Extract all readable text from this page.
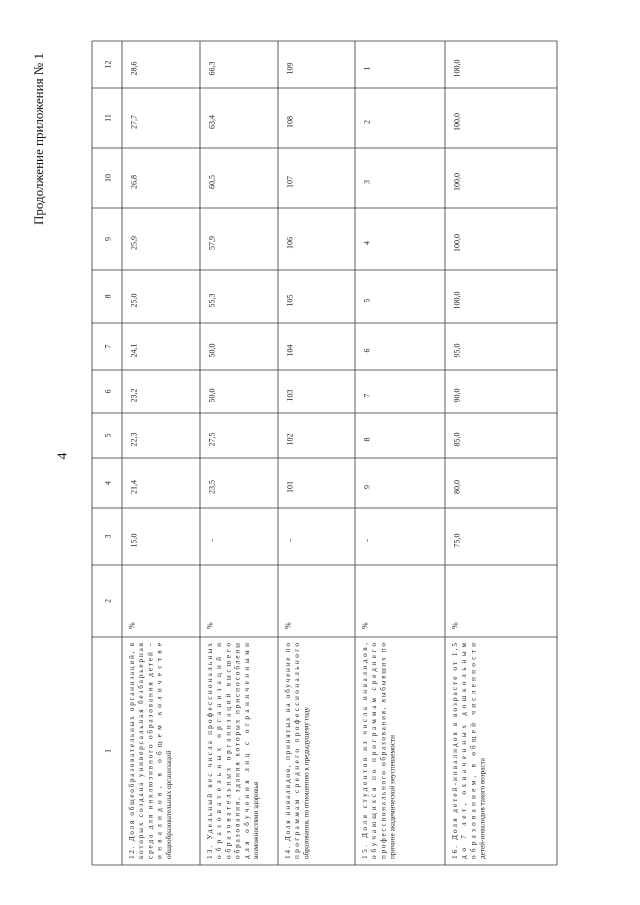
4
Продолжение приложения № 1
1
2
3
4
5
6
7
8
9
10
11
12
12. Доля общеобразовательных организаций, в
которых создана универсальная безбарьерная
среда для инклюзивного образования детей –
инвалидов, в общем количестве
общеобразовательных организаций
%
15,0
21,4
22,3
23,2
24,1
25,0
25,9
26,8
27,7
28,6
13. Удельный вес числа профессиональных
образовательных организаций и
образовательных организаций высшего
образования, здания которых приспособлены
для обучения лиц с ограниченными
возможностями здоровья
%
-
23,5
27,5
50,0
50,0
55,3
57,9
60,5
63,4
66,3
14. Доля инвалидов, принятых на обучение по
программам среднего профессионального
образования, по отношению к предыдущему году
%
-
101
102
103
104
105
106
107
108
109
15. Доля студентов из числа инвалидов,
обучающихся по программам среднего
профессионального образования, выбывших по
причине академической неуспеваемости
%
-
9
8
7
6
5
4
3
2
1
16. Доля детей-инвалидов в возрасте от 1,5
до 7 лет, охваченных дошкольным
образованием, в общей численности
детей-инвалидов такого возраста
%
75,0
80,0
85,0
90,0
95,0
100,0
100,0
100,0
100,0
100,0
